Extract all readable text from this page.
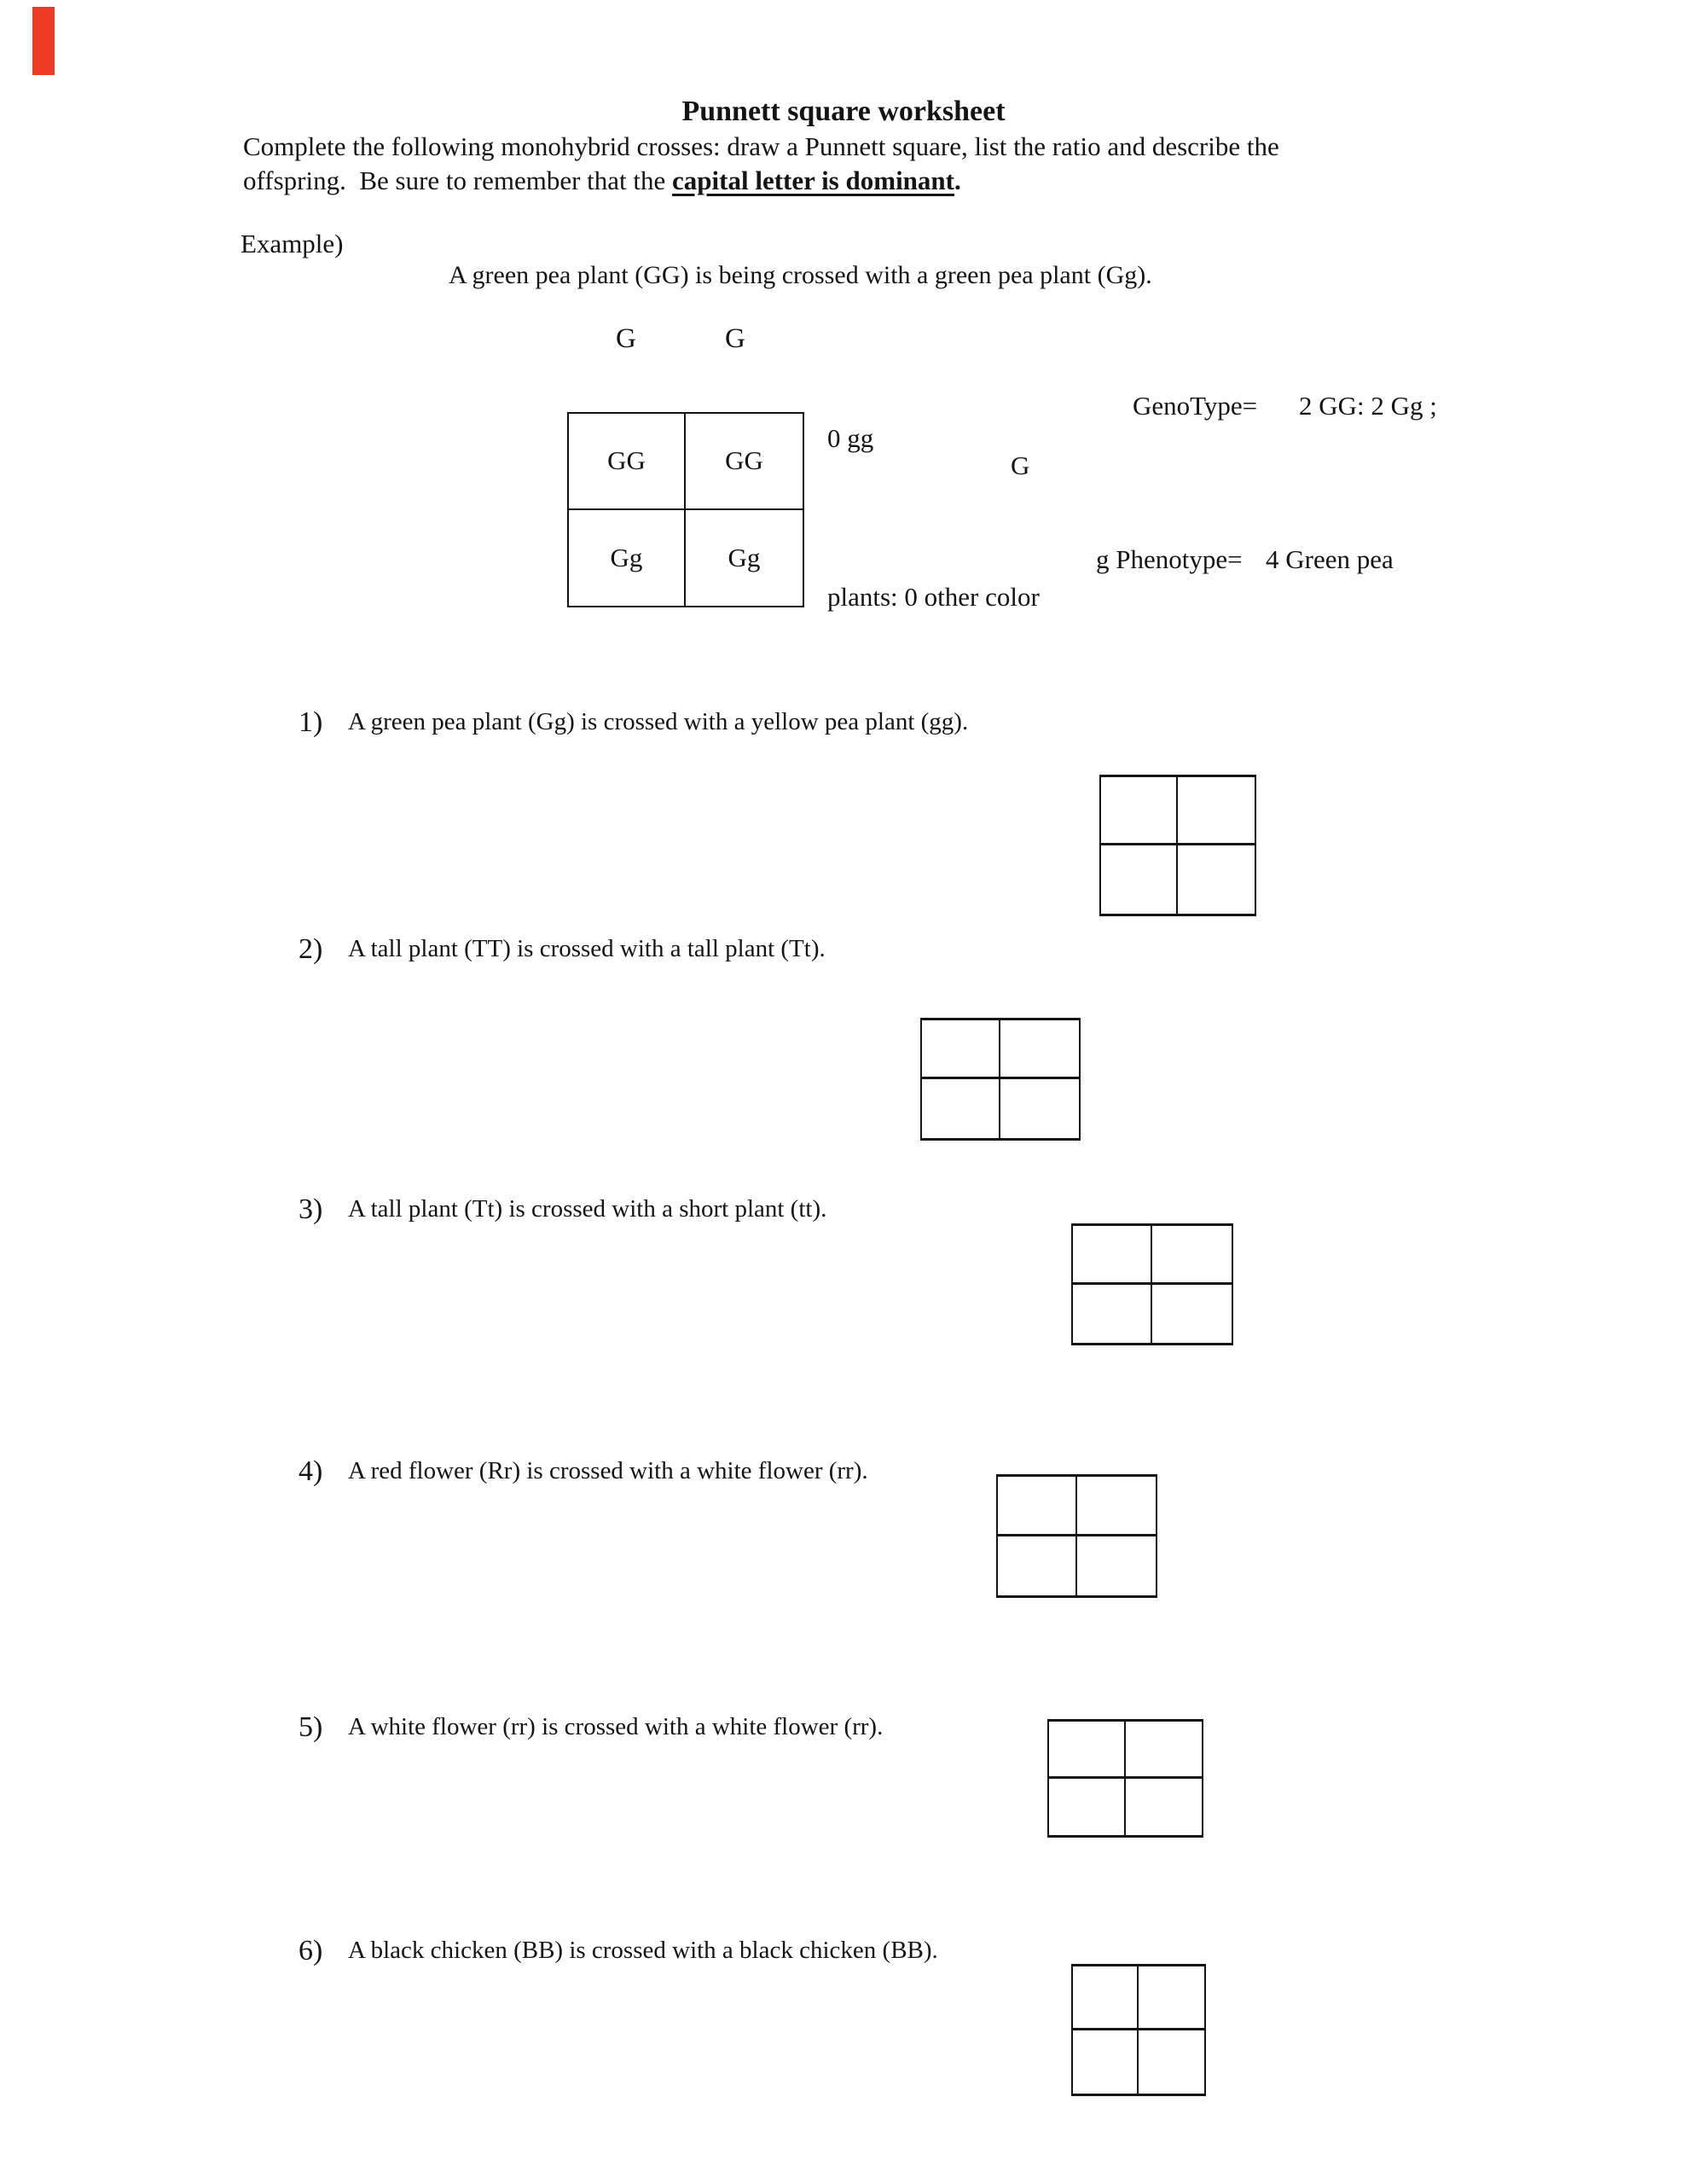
Punnett square worksheet
Complete the following monohybrid crosses: draw a Punnett square, list the ratio and describe the
offspring.  Be sure to remember that the capital letter is dominant.
Example)
A green pea plant (GG) is being crossed with a green pea plant (Gg).
G	G
GG	GG
Gg	Gg
0 gg
GenoType= 2 GG: 2 Gg ;
G
g Phenotype= 4 Green pea
plants: 0 other color
1) A green pea plant (Gg) is crossed with a yellow pea plant (gg).
2) A tall plant (TT) is crossed with a tall plant (Tt).
3) A tall plant (Tt) is crossed with a short plant (tt).
4) A red flower (Rr) is crossed with a white flower (rr).
5) A white flower (rr) is crossed with a white flower (rr).
6) A black chicken (BB) is crossed with a black chicken (BB).
